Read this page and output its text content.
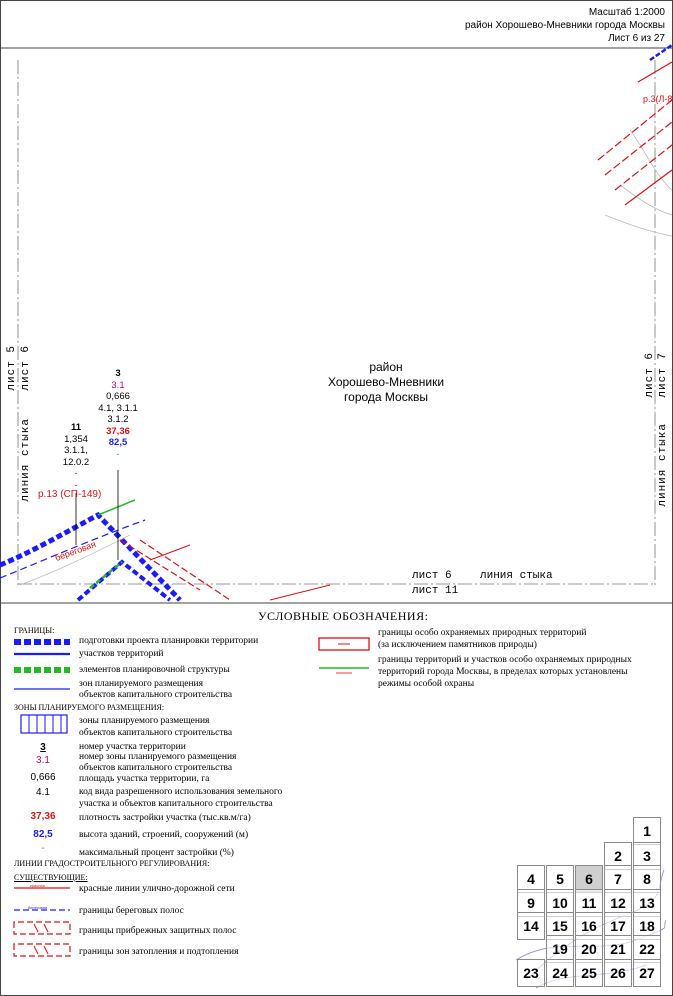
Масштаб 1:2000
район Хорошево-Мневники города Москвы
Лист 6 из 27
р.3(Л-8
район
Хорошево-Мневники
города Москвы
лист 5 лист 6
линия стыка
лист 6 лист 7
линия стыка
лист 6	линия стыка
лист 11
3
3.1
0,666
4.1, 3.1.1
3.1.2
37,36
82,5
-
11
1,354
3.1.1,
12.0.2
-
-
р.13 (СП-149)
береговая
УСЛОВНЫЕ ОБОЗНАЧЕНИЯ:
ГРАНИЦЫ:
подготовки проекта планировки территории
участков территорий
элементов планировочной структуры
зон планируемого размещения
объектов капитального строительства
ЗОНЫ ПЛАНИРУЕМОГО РАЗМЕЩЕНИЯ:
зоны планируемого размещения
объектов капитального строительства
3
3.1
0,666
4.1
37,36
82,5
-
номер участка территории
номер зоны планируемого размещения
объектов капитального строительства
площадь участка территории, га
код вида разрешенного использования земельного
участка и объектов капитального строительства
плотность застройки участка (тыс.кв.м/га)
высота зданий, строений, сооружений (м)
максимальный процент застройки (%)
ЛИНИИ ГРАДОСТРОИТЕЛЬНОГО РЕГУЛИРОВАНИЯ:
СУЩЕСТВУЮЩИЕ:
красная
береговая
красные линии улично-дорожной сети
границы береговых полос
границы прибрежных защитных полос
границы зон затопления и подтопления
границы особо охраняемых природных территорий
(за исключением памятников природы)
границы территорий и участков особо охраняемых природных
территорий города Москвы, в пределах которых установлены
режимы особой охраны
1
2	3
4	5	6	7	8
9	10 11 12 13
14 15 16 17 18
19 20 21 22
23 24 25 26 27
